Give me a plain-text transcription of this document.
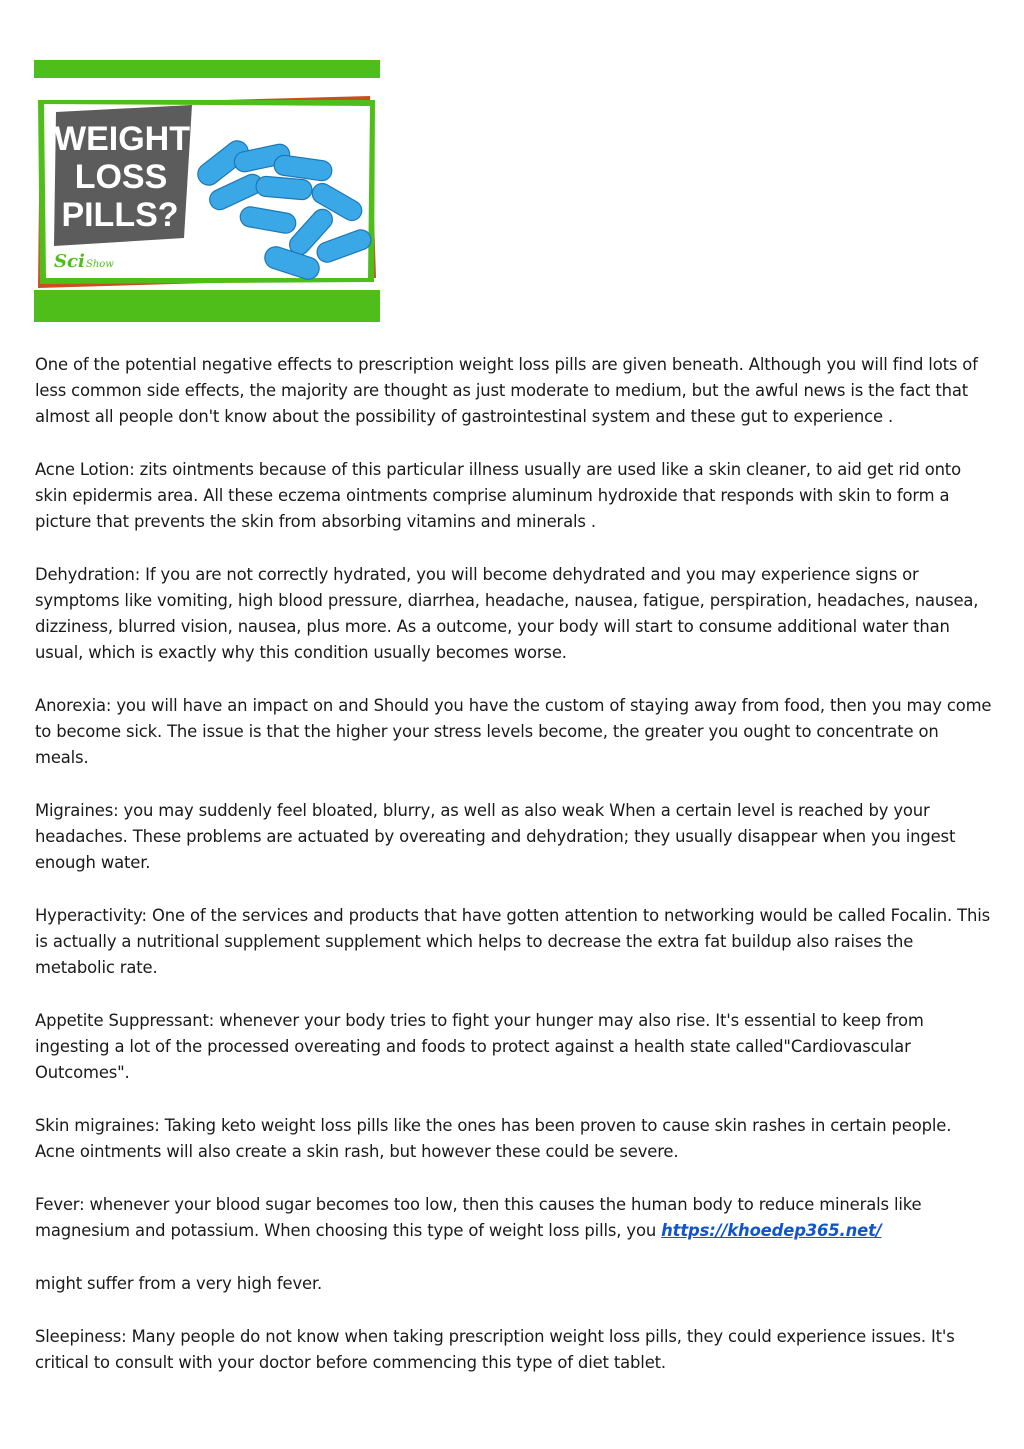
WEIGHT
LOSS
PILLS?
Sci Show

One of the potential negative effects to prescription weight loss pills are given beneath. Although you will find lots of less common side effects, the majority are thought as just moderate to medium, but the awful news is the fact that almost all people don't know about the possibility of gastrointestinal system and these gut to experience .

Acne Lotion: zits ointments because of this particular illness usually are used like a skin cleaner, to aid get rid onto skin epidermis area. All these eczema ointments comprise aluminum hydroxide that responds with skin to form a picture that prevents the skin from absorbing vitamins and minerals .

Dehydration: If you are not correctly hydrated, you will become dehydrated and you may experience signs or symptoms like vomiting, high blood pressure, diarrhea, headache, nausea, fatigue, perspiration, headaches, nausea, dizziness, blurred vision, nausea, plus more. As a outcome, your body will start to consume additional water than usual, which is exactly why this condition usually becomes worse.

Anorexia: you will have an impact on and Should you have the custom of staying away from food, then you may come to become sick. The issue is that the higher your stress levels become, the greater you ought to concentrate on meals.

Migraines: you may suddenly feel bloated, blurry, as well as also weak When a certain level is reached by your headaches. These problems are actuated by overeating and dehydration; they usually disappear when you ingest enough water.

Hyperactivity: One of the services and products that have gotten attention to networking would be called Focalin. This is actually a nutritional supplement supplement which helps to decrease the extra fat buildup also raises the metabolic rate.

Appetite Suppressant: whenever your body tries to fight your hunger may also rise. It's essential to keep from ingesting a lot of the processed overeating and foods to protect against a health state called"Cardiovascular Outcomes".

Skin migraines: Taking keto weight loss pills like the ones has been proven to cause skin rashes in certain people. Acne ointments will also create a skin rash, but however these could be severe.

Fever: whenever your blood sugar becomes too low, then this causes the human body to reduce minerals like magnesium and potassium. When choosing this type of weight loss pills, you https://khoedep365.net/

might suffer from a very high fever.

Sleepiness: Many people do not know when taking prescription weight loss pills, they could experience issues. It's critical to consult with your doctor before commencing this type of diet tablet.
